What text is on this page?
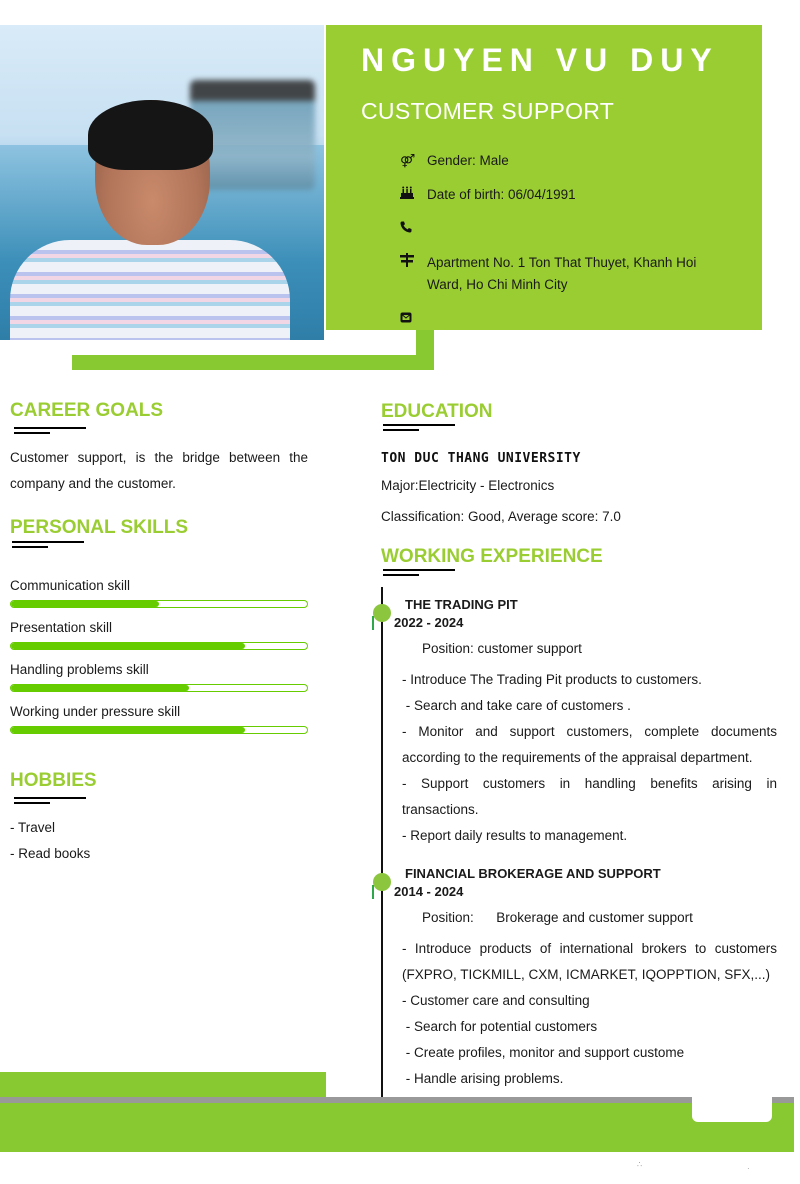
NGUYEN VU DUY
CUSTOMER SUPPORT
⚤ Gender: Male
Date of birth: 06/04/1991
Apartment No. 1 Ton That Thuyet, Khanh Hoi Ward, Ho Chi Minh City
CAREER GOALS
Customer support, is the bridge between the company and the customer.
PERSONAL SKILLS
Communication skill
Presentation skill
Handling problems skill
Working under pressure skill
HOBBIES
- Travel
- Read books
EDUCATION
TON DUC THANG UNIVERSITY
Major:Electricity - Electronics
Classification: Good, Average score: 7.0
WORKING EXPERIENCE
THE TRADING PIT
2022 - 2024
Position: customer support
- Introduce The Trading Pit products to customers.
- Search and take care of customers .
- Monitor and support customers, complete documents according to the requirements of the appraisal department.
- Support customers in handling benefits arising in transactions.
- Report daily results to management.
FINANCIAL BROKERAGE AND SUPPORT
2014 - 2024
Position:      Brokerage and customer support
- Introduce products of international brokers to customers (FXPRO, TICKMILL, CXM, ICMARKET, IQOPPTION, SFX,...)
- Customer care and consulting
- Search for potential customers
- Create profiles, monitor and support custome
- Handle arising problems.
∴	·
